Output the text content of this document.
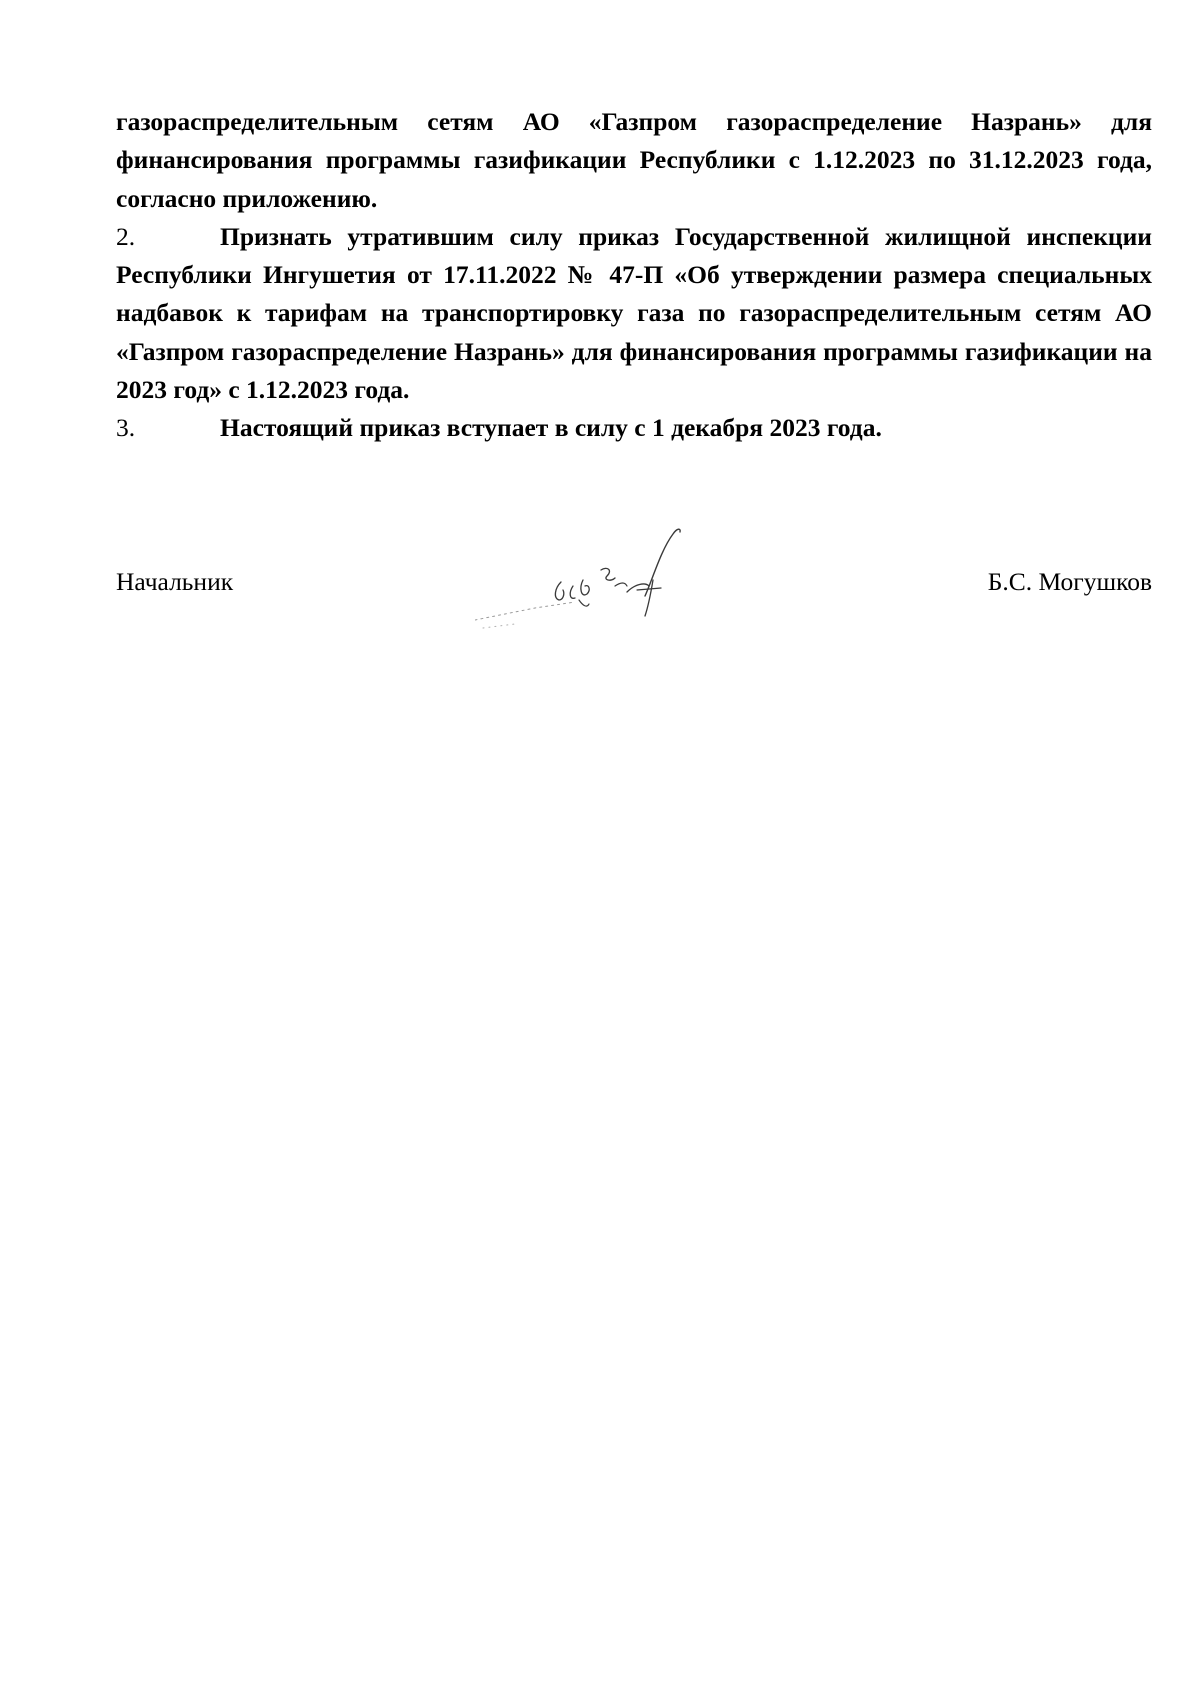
газораспределительным сетям АО «Газпром газораспределение Назрань» для финансирования программы газификации Республики с 1.12.2023 по 31.12.2023 года, согласно приложению.

2.	Признать утратившим силу приказ Государственной жилищной инспекции Республики Ингушетия от 17.11.2022 № 47-П «Об утверждении размера специальных надбавок к тарифам на транспортировку газа по газораспределительным сетям АО «Газпром газораспределение Назрань» для финансирования программы газификации на 2023 год» с 1.12.2023 года.

3.	Настоящий приказ вступает в силу с 1 декабря 2023 года.

Начальник	Б.С. Могушков
